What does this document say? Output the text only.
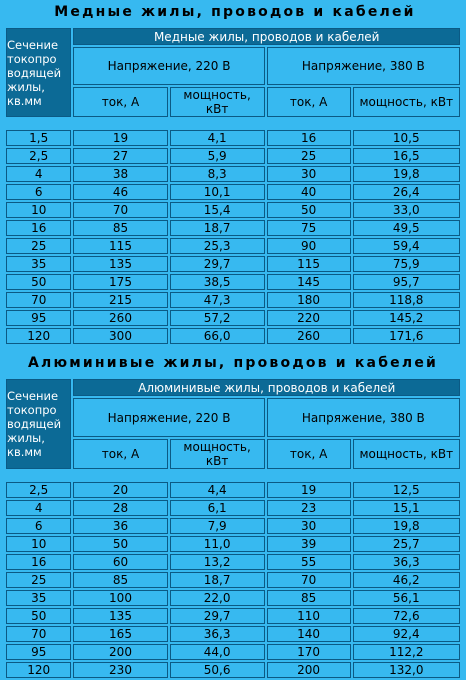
Медные жилы, проводов и кабелей
Сечение
токопро
водящей
жилы,
кв.мм	Медные жилы, проводов и кабелей			
	Напряжение, 220 В		Напряжение, 380 В	
	ток, А	мощность, кВт	ток, А	мощность, кВт

1,5	19	4,1	16	10,5
2,5	27	5,9	25	16,5
4	38	8,3	30	19,8
6	46	10,1	40	26,4
10	70	15,4	50	33,0
16	85	18,7	75	49,5
25	115	25,3	90	59,4
35	135	29,7	115	75,9
50	175	38,5	145	95,7
70	215	47,3	180	118,8
95	260	57,2	220	145,2
120	300	66,0	260	171,6
Алюминивые жилы, проводов и кабелей
Сечение
токопро
водящей
жилы,
кв.мм	Алюминивые жилы, проводов и кабелей			
	Напряжение, 220 В		Напряжение, 380 В	
	ток, А	мощность, кВт	ток, А	мощность, кВт

2,5	20	4,4	19	12,5
4	28	6,1	23	15,1
6	36	7,9	30	19,8
10	50	11,0	39	25,7
16	60	13,2	55	36,3
25	85	18,7	70	46,2
35	100	22,0	85	56,1
50	135	29,7	110	72,6
70	165	36,3	140	92,4
95	200	44,0	170	112,2
120	230	50,6	200	132,0
